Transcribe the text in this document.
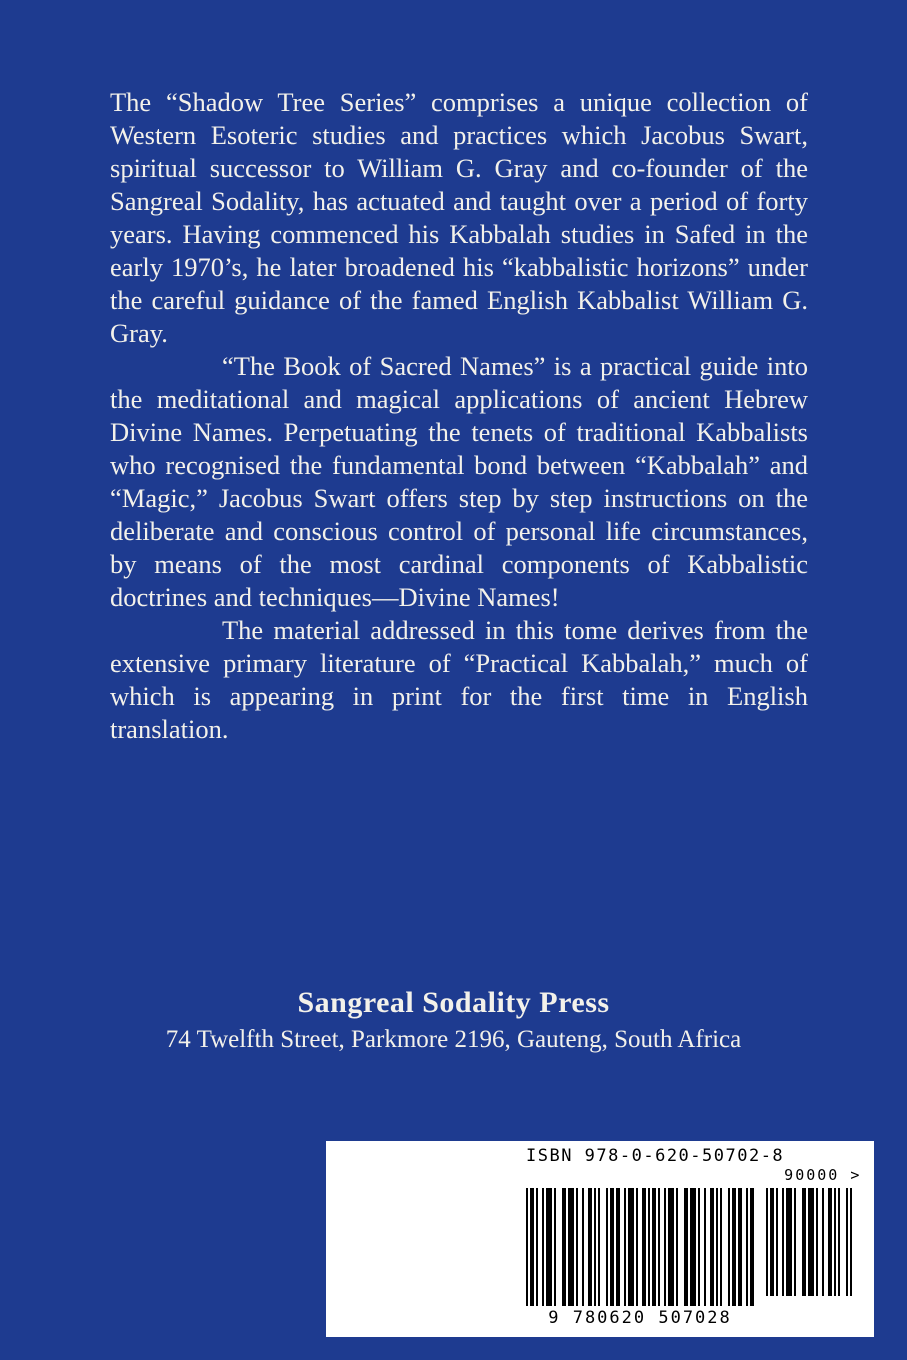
The “Shadow Tree Series” comprises a unique collection of Western Esoteric studies and practices which Jacobus Swart, spiritual successor to William G. Gray and co-founder of the Sangreal Sodality, has actuated and taught over a period of forty years. Having commenced his Kabbalah studies in Safed in the early 1970’s, he later broadened his “kabbalistic horizons” under the careful guidance of the famed English Kabbalist William G. Gray.

“The Book of Sacred Names” is a practical guide into the meditational and magical applications of ancient Hebrew Divine Names. Perpetuating the tenets of traditional Kabbalists who recognised the fundamental bond between “Kabbalah” and “Magic,” Jacobus Swart offers step by step instructions on the deliberate and conscious control of personal life circumstances, by means of the most cardinal components of Kabbalistic doctrines and techniques—Divine Names!

The material addressed in this tome derives from the extensive primary literature of “Practical Kabbalah,” much of which is appearing in print for the first time in English translation.

Sangreal Sodality Press

74 Twelfth Street, Parkmore 2196, Gauteng, South Africa

ISBN 978-0-620-50702-8
90000 >
9 780620 507028
